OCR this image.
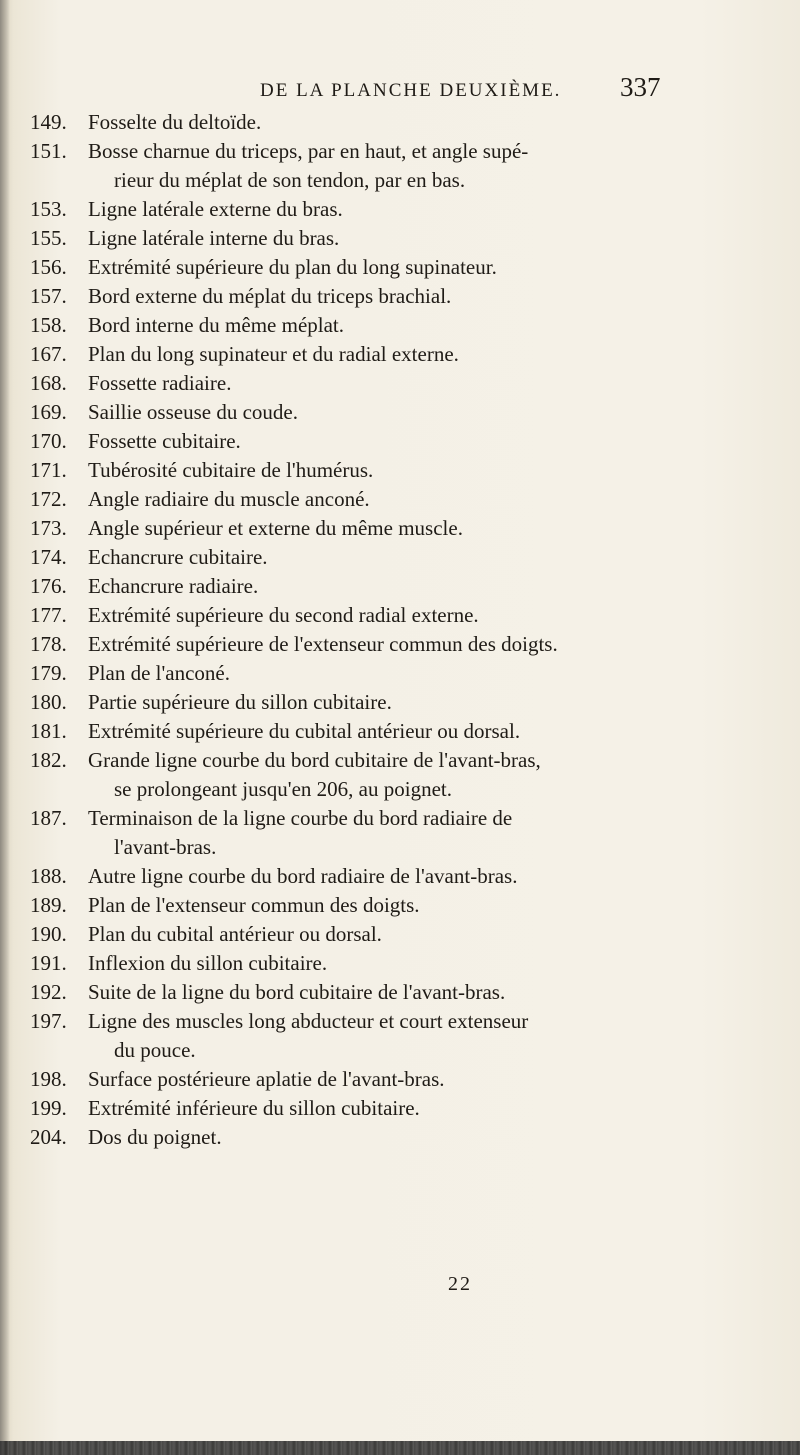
DE LA PLANCHE DEUXIÈME. 337
149.	Fosselte du deltoïde.
151.	Bosse charnue du triceps, par en haut, et angle supé-
rieur du méplat de son tendon, par en bas.
153.	Ligne latérale externe du bras.
155.	Ligne latérale interne du bras.
156.	Extrémité supérieure du plan du long supinateur.
157.	Bord externe du méplat du triceps brachial.
158.	Bord interne du même méplat.
167.	Plan du long supinateur et du radial externe.
168.	Fossette radiaire.
169.	Saillie osseuse du coude.
170.	Fossette cubitaire.
171.	Tubérosité cubitaire de l'humérus.
172.	Angle radiaire du muscle anconé.
173.	Angle supérieur et externe du même muscle.
174.	Echancrure cubitaire.
176.	Echancrure radiaire.
177.	Extrémité supérieure du second radial externe.
178.	Extrémité supérieure de l'extenseur commun des doigts.
179.	Plan de l'anconé.
180.	Partie supérieure du sillon cubitaire.
181.	Extrémité supérieure du cubital antérieur ou dorsal.
182.	Grande ligne courbe du bord cubitaire de l'avant-bras,
se prolongeant jusqu'en 206, au poignet.
187.	Terminaison de la ligne courbe du bord radiaire de
l'avant-bras.
188.	Autre ligne courbe du bord radiaire de l'avant-bras.
189.	Plan de l'extenseur commun des doigts.
190.	Plan du cubital antérieur ou dorsal.
191.	Inflexion du sillon cubitaire.
192.	Suite de la ligne du bord cubitaire de l'avant-bras.
197.	Ligne des muscles long abducteur et court extenseur
du pouce.
198.	Surface postérieure aplatie de l'avant-bras.
199.	Extrémité inférieure du sillon cubitaire.
204.	Dos du poignet.
22
